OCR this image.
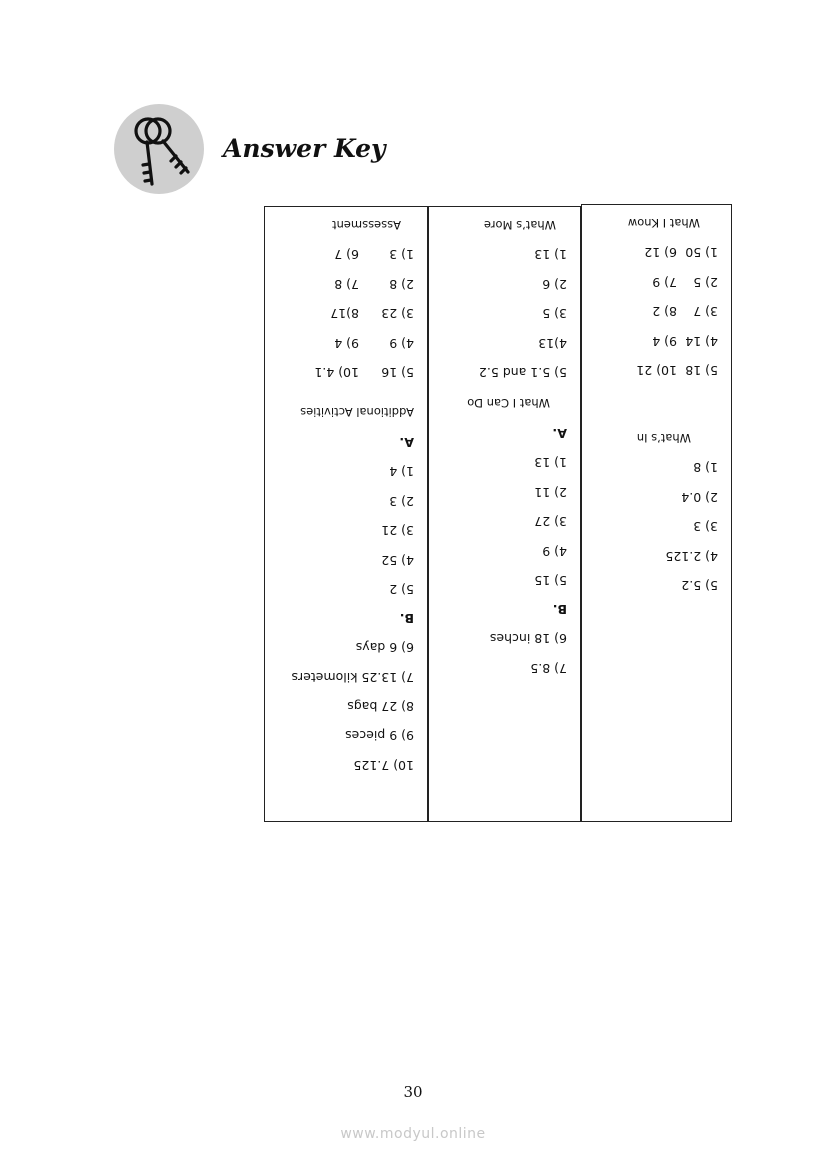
Answer Key
Assessment
1) 3
6) 7
2) 8
7) 8
3) 23
8)17
4) 9
9) 4
5) 16
10) 4.1
Additional Activities
A.
1) 4
2) 3
3) 21
4) 52
5) 2
B.
6) 6 days
7) 13.25 kilometers
8) 27 bags
9) 9 pieces
10) 7.125
What’s More
1) 13
2) 6
3) 5
4)13
5) 5.1 and 5.2
What I Can Do
A.
1) 13
2) 11
3) 27
4) 9
5) 15
B.
6) 18 inches
7) 8.5
What I Know
1) 50
6) 12
2) 5
7) 9
3) 7
8) 2
4) 14
9) 4
5) 18
10) 21
What’s In
1) 8
2) 0.4
3) 3
4) 2.125
5) 5.2
30
www.modyul.online
